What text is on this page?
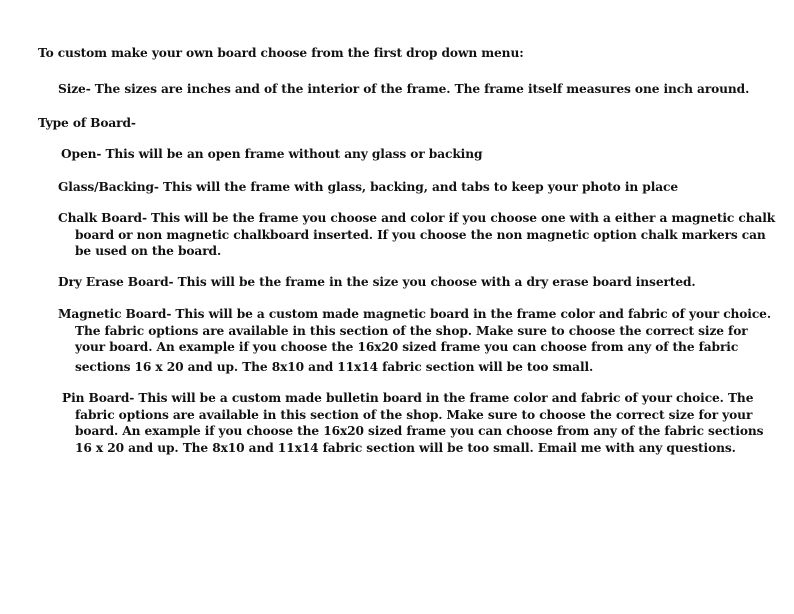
To custom make your own board choose from the first drop down menu:
Size- The sizes are inches and of the interior of the frame. The frame itself measures one inch around.
Type of Board-
Open- This will be an open frame without any glass or backing
Glass/Backing- This will the frame with glass, backing, and tabs to keep your photo in place
Chalk Board- This will be the frame you choose and color if you choose one with a either a magnetic chalk
board or non magnetic chalkboard inserted. If you choose the non magnetic option chalk markers can
be used on the board.
Dry Erase Board- This will be the frame in the size you choose with a dry erase board inserted.
Magnetic Board- This will be a custom made magnetic board in the frame color and fabric of your choice.
The fabric options are available in this section of the shop. Make sure to choose the correct size for
your board. An example if you choose the 16x20 sized frame you can choose from any of the fabric
sections 16 x 20 and up. The 8x10 and 11x14 fabric section will be too small.
Pin Board- This will be a custom made bulletin board in the frame color and fabric of your choice. The
fabric options are available in this section of the shop. Make sure to choose the correct size for your
board. An example if you choose the 16x20 sized frame you can choose from any of the fabric sections
16 x 20 and up. The 8x10 and 11x14 fabric section will be too small. Email me with any questions.
